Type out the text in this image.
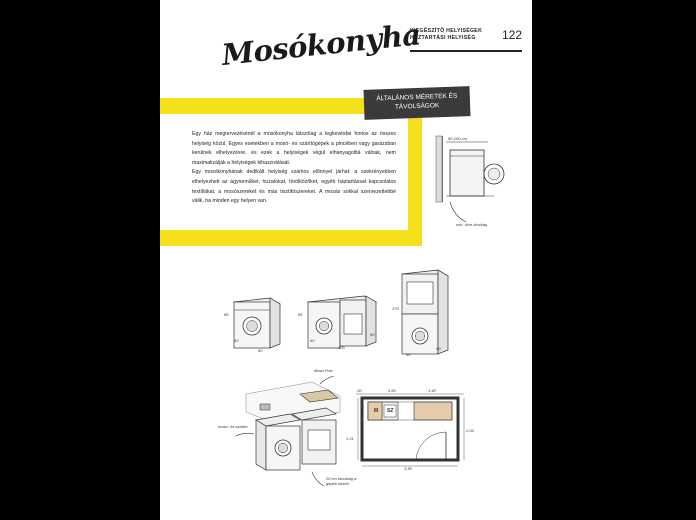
KIEGÉSZÍTŐ HELYISÉGEK
HÁZTARTÁSI HELYISÉG	122
Mosókonyha
ÁLTALÁNOS MÉRETEK ÉS
TÁVOLSÁGOK

Egy ház megtervezésénél a mosókonyha látszólag a legkevésbé fontos az összes helyiség közül. Egyes esetekben a mosó- és szárítógépek a pincében vagy garázsban kerülnek elhelyezésre, és ezek a helyiségek végül elhanyagolttá válnak, nem maximalizálják a helyiségek kihasználását.

Egy mosókonyhának dedikált helyiség számos előnnyel járhat: a szekrényekben elhelyezheti az ágyneműket, huzatokat, törölközőket, egyéb háztartással kapcsolatos textíliákat, a mosószereket és más tisztítószereket. A mosás sokkal szervezettebbé válik, ha minden egy helyen van.

90-100 cm
min. 4cm tlvolság
85
60
60
85
120
60
60
170
60
60
Mosó Polc
mosó- és szárító
20 cm távolság a gépek között
,30	1,60	1,40
1,21
2,04
3,50
M SZ
